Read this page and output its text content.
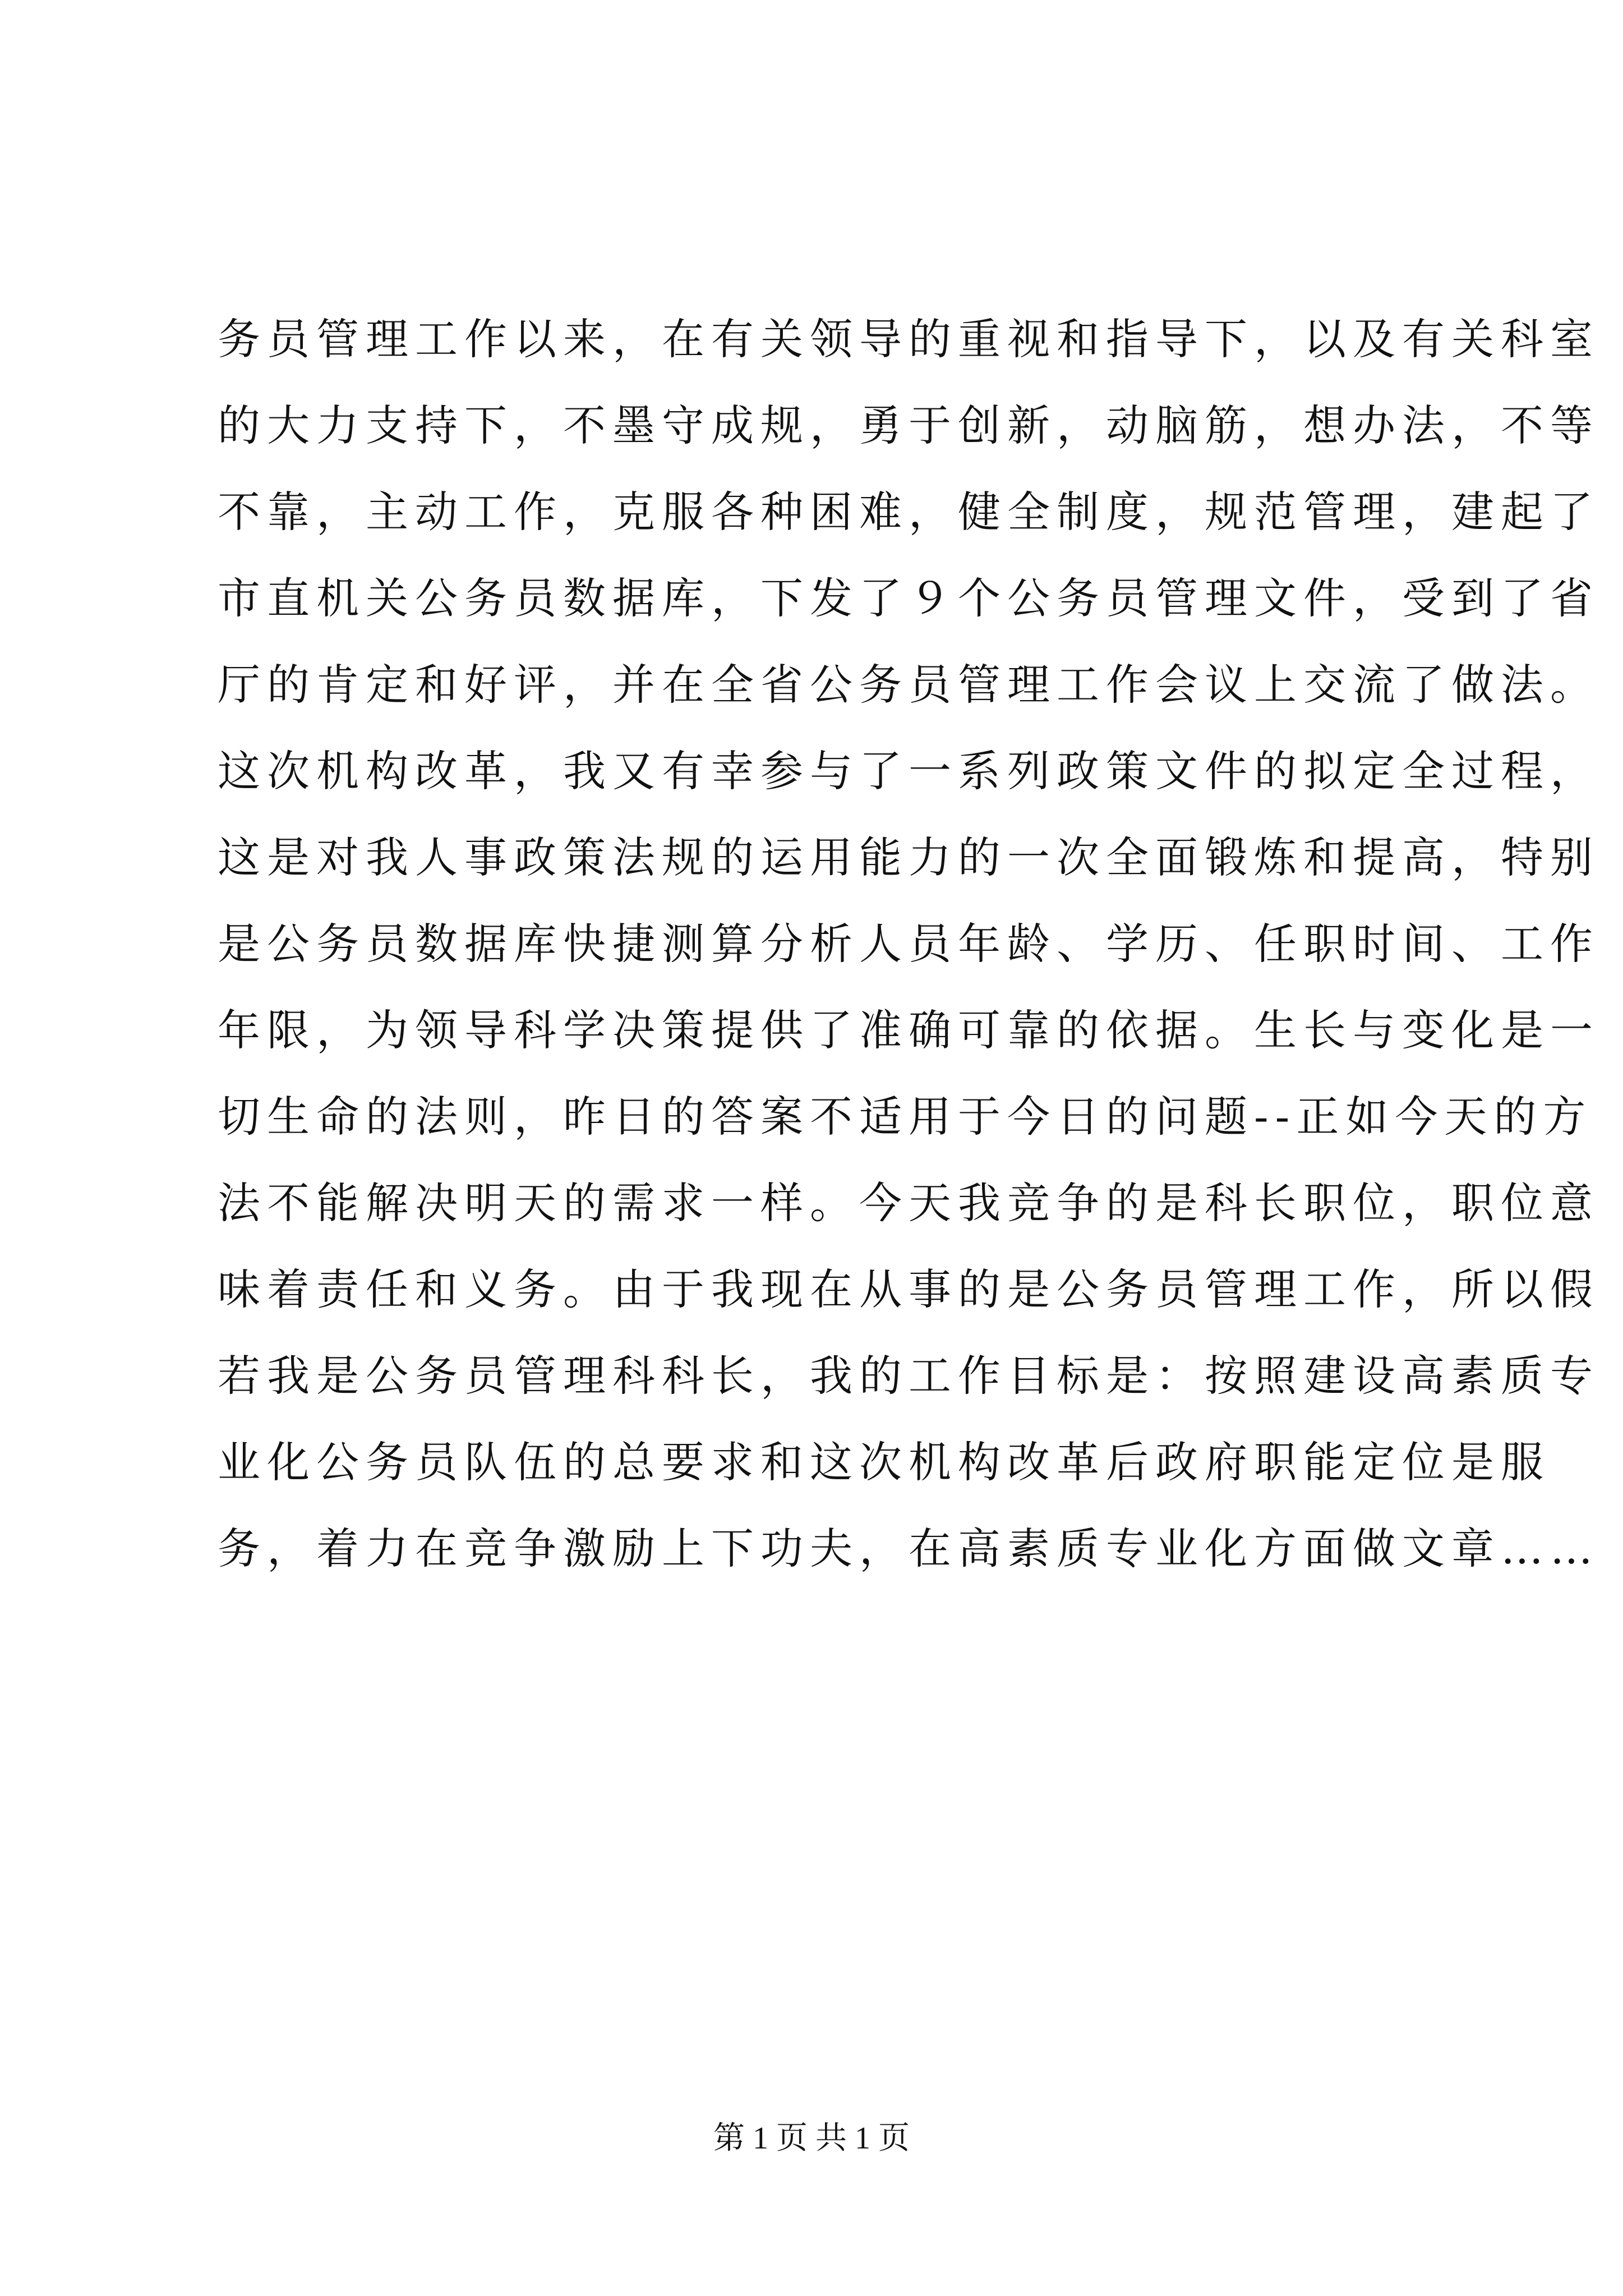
务员管理工作以来，在有关领导的重视和指导下，以及有关科室
的大力支持下，不墨守成规，勇于创新，动脑筋，想办法，不等
不靠，主动工作，克服各种困难，健全制度，规范管理，建起了
市直机关公务员数据库，下发了９个公务员管理文件，受到了省
厅的肯定和好评，并在全省公务员管理工作会议上交流了做法。
这次机构改革，我又有幸参与了一系列政策文件的拟定全过程，
这是对我人事政策法规的运用能力的一次全面锻炼和提高，特别
是公务员数据库快捷测算分析人员年龄、学历、任职时间、工作
年限，为领导科学决策提供了准确可靠的依据。生长与变化是一
切生命的法则，昨日的答案不适用于今日的问题--正如今天的方
法不能解决明天的需求一样。今天我竞争的是科长职位，职位意
味着责任和义务。由于我现在从事的是公务员管理工作，所以假
若我是公务员管理科科长，我的工作目标是：按照建设高素质专
业化公务员队伍的总要求和这次机构改革后政府职能定位是服
务，着力在竞争激励上下功夫，在高素质专业化方面做文章……
第 1 页 共 1 页
